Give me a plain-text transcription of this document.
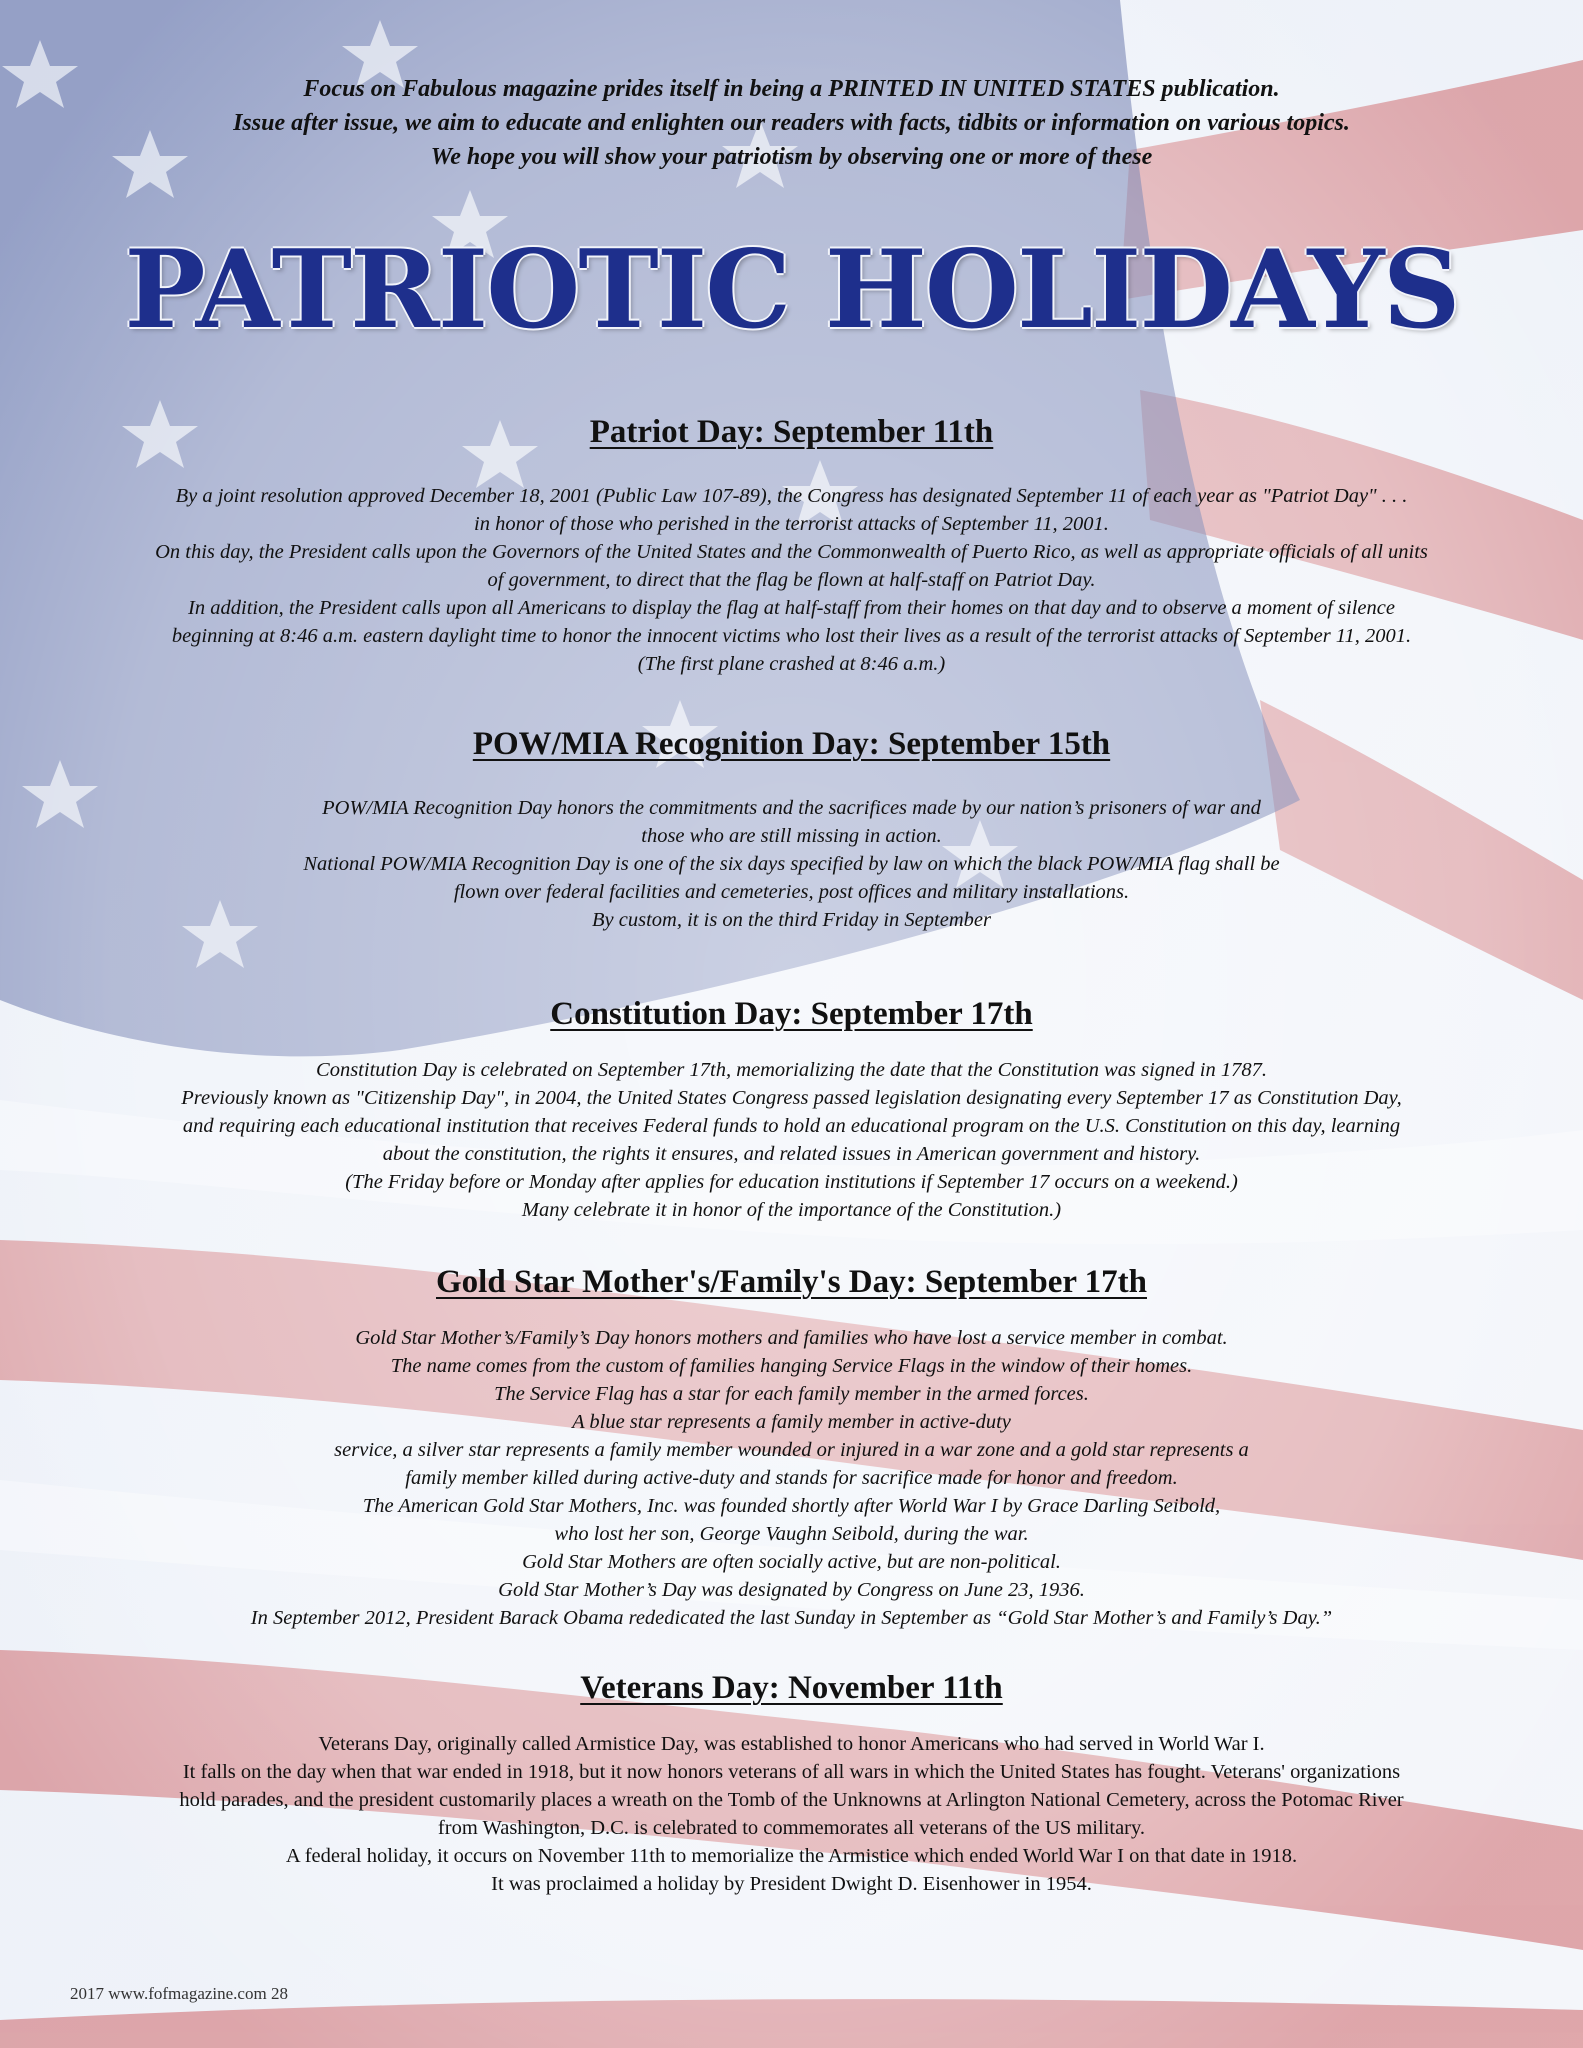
Focus on Fabulous magazine prides itself in being a PRINTED IN UNITED STATES publication.
Issue after issue, we aim to educate and enlighten our readers with facts, tidbits or information on various topics.
We hope you will show your patriotism by observing one or more of these
PATRIOTIC HOLIDAYS
Patriot Day: September 11th
By a joint resolution approved December 18, 2001 (Public Law 107-89), the Congress has designated September 11 of each year as "Patriot Day" . . .
in honor of those who perished in the terrorist attacks of September 11, 2001.
On this day, the President calls upon the Governors of the United States and the Commonwealth of Puerto Rico, as well as appropriate officials of all units
of government, to direct that the flag be flown at half-staff on Patriot Day.
In addition, the President calls upon all Americans to display the flag at half-staff from their homes on that day and to observe a moment of silence
beginning at 8:46 a.m. eastern daylight time to honor the innocent victims who lost their lives as a result of the terrorist attacks of September 11, 2001.
(The first plane crashed at 8:46 a.m.)
POW/MIA Recognition Day: September 15th
POW/MIA Recognition Day honors the commitments and the sacrifices made by our nation’s prisoners of war and
those who are still missing in action.
National POW/MIA Recognition Day is one of the six days specified by law on which the black POW/MIA flag shall be
flown over federal facilities and cemeteries, post offices and military installations.
By custom, it is on the third Friday in September
Constitution Day: September 17th
Constitution Day is celebrated on September 17th, memorializing the date that the Constitution was signed in 1787.
Previously known as "Citizenship Day", in 2004, the United States Congress passed legislation designating every September 17 as Constitution Day,
and requiring each educational institution that receives Federal funds to hold an educational program on the U.S. Constitution on this day, learning
about the constitution, the rights it ensures, and related issues in American government and history.
(The Friday before or Monday after applies for education institutions if September 17 occurs on a weekend.)
Many celebrate it in honor of the importance of the Constitution.)
Gold Star Mother's/Family's Day: September 17th
Gold Star Mother’s/Family’s Day honors mothers and families who have lost a service member in combat.
The name comes from the custom of families hanging Service Flags in the window of their homes.
The Service Flag has a star for each family member in the armed forces.
A blue star represents a family member in active-duty
service, a silver star represents a family member wounded or injured in a war zone and a gold star represents a
family member killed during active-duty and stands for sacrifice made for honor and freedom.
The American Gold Star Mothers, Inc. was founded shortly after World War I by Grace Darling Seibold,
who lost her son, George Vaughn Seibold, during the war.
Gold Star Mothers are often socially active, but are non-political.
Gold Star Mother’s Day was designated by Congress on June 23, 1936.
In September 2012, President Barack Obama rededicated the last Sunday in September as “Gold Star Mother’s and Family’s Day.”
Veterans Day: November 11th
Veterans Day, originally called Armistice Day, was established to honor Americans who had served in World War I.
It falls on the day when that war ended in 1918, but it now honors veterans of all wars in which the United States has fought. Veterans' organizations
hold parades, and the president customarily places a wreath on the Tomb of the Unknowns at Arlington National Cemetery, across the Potomac River
from Washington, D.C. is celebrated to commemorates all veterans of the US military.
A federal holiday, it occurs on November 11th to memorialize the Armistice which ended World War I on that date in 1918.
It was proclaimed a holiday by President Dwight D. Eisenhower in 1954.
2017 www.fofmagazine.com 28
